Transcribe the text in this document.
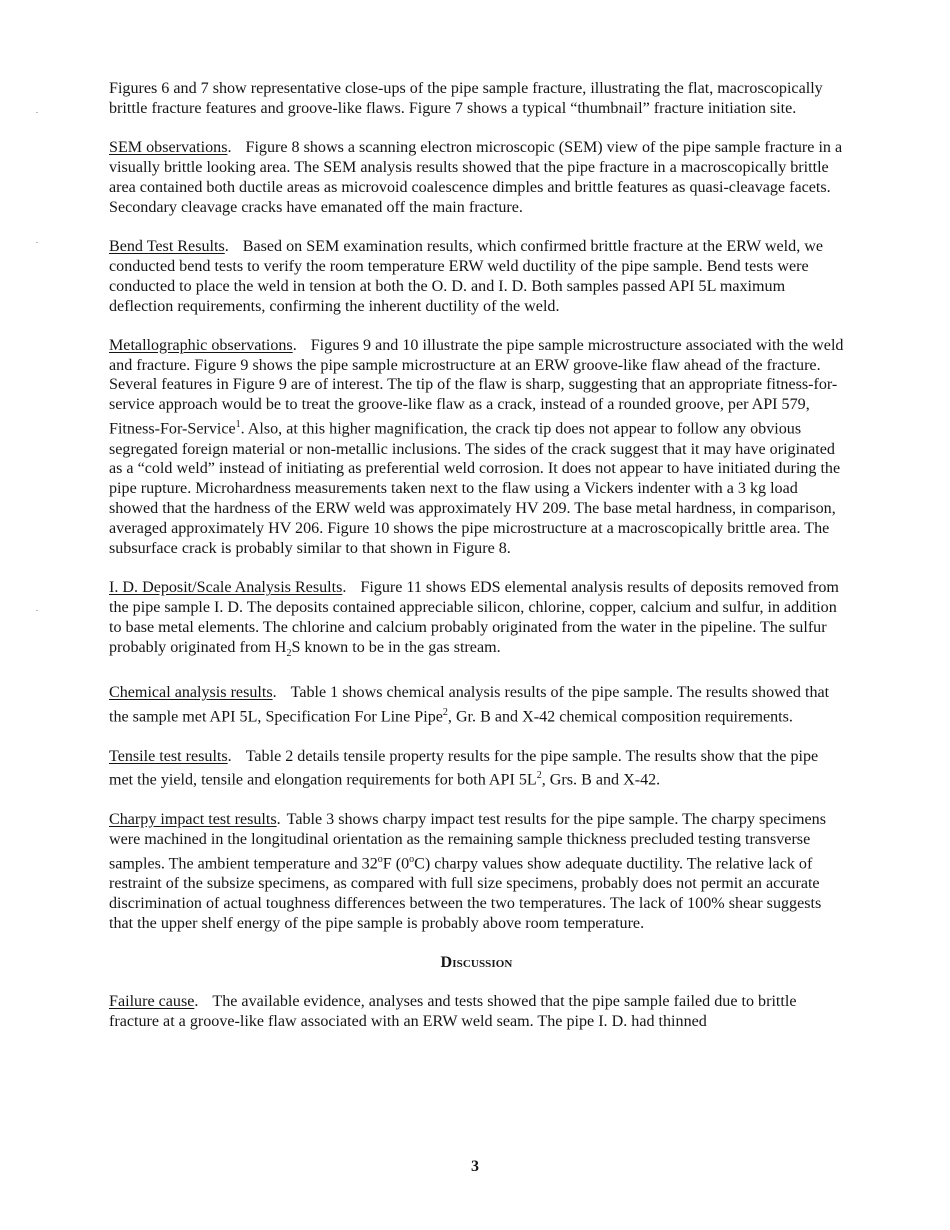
Figures 6 and 7 show representative close-ups of the pipe sample fracture, illustrating the flat, macroscopically brittle fracture features and groove-like flaws. Figure 7 shows a typical “thumbnail” fracture initiation site.

SEM observations. Figure 8 shows a scanning electron microscopic (SEM) view of the pipe sample fracture in a visually brittle looking area. The SEM analysis results showed that the pipe fracture in a macroscopically brittle area contained both ductile areas as microvoid coalescence dimples and brittle features as quasi-cleavage facets. Secondary cleavage cracks have emanated off the main fracture.

Bend Test Results. Based on SEM examination results, which confirmed brittle fracture at the ERW weld, we conducted bend tests to verify the room temperature ERW weld ductility of the pipe sample. Bend tests were conducted to place the weld in tension at both the O. D. and I. D. Both samples passed API 5L maximum deflection requirements, confirming the inherent ductility of the weld.

Metallographic observations. Figures 9 and 10 illustrate the pipe sample microstructure associated with the weld and fracture. Figure 9 shows the pipe sample microstructure at an ERW groove-like flaw ahead of the fracture. Several features in Figure 9 are of interest. The tip of the flaw is sharp, suggesting that an appropriate fitness-for-service approach would be to treat the groove-like flaw as a crack, instead of a rounded groove, per API 579, Fitness-For-Service$^1$. Also, at this higher magnification, the crack tip does not appear to follow any obvious segregated foreign material or non-metallic inclusions. The sides of the crack suggest that it may have originated as a “cold weld” instead of initiating as preferential weld corrosion. It does not appear to have initiated during the pipe rupture. Microhardness measurements taken next to the flaw using a Vickers indenter with a 3 kg load showed that the hardness of the ERW weld was approximately HV 209. The base metal hardness, in comparison, averaged approximately HV 206. Figure 10 shows the pipe microstructure at a macroscopically brittle area. The subsurface crack is probably similar to that shown in Figure 8.

I. D. Deposit/Scale Analysis Results. Figure 11 shows EDS elemental analysis results of deposits removed from the pipe sample I. D. The deposits contained appreciable silicon, chlorine, copper, calcium and sulfur, in addition to base metal elements. The chlorine and calcium probably originated from the water in the pipeline. The sulfur probably originated from $H_2S$ known to be in the gas stream.

Chemical analysis results. Table 1 shows chemical analysis results of the pipe sample. The results showed that the sample met API 5L, Specification For Line Pipe$^2$, Gr. B and X-42 chemical composition requirements.

Tensile test results. Table 2 details tensile property results for the pipe sample. The results show that the pipe met the yield, tensile and elongation requirements for both API $5L^2$, Grs. B and X-42.

Charpy impact test results. Table 3 shows charpy impact test results for the pipe sample. The charpy specimens were machined in the longitudinal orientation as the remaining sample thickness precluded testing transverse samples. The ambient temperature and 32$^o$F (0$^o$C) charpy values show adequate ductility. The relative lack of restraint of the subsize specimens, as compared with full size specimens, probably does not permit an accurate discrimination of actual toughness differences between the two temperatures. The lack of 100% shear suggests that the upper shelf energy of the pipe sample is probably above room temperature.

Discussion

Failure cause. The available evidence, analyses and tests showed that the pipe sample failed due to brittle fracture at a groove-like flaw associated with an ERW weld seam. The pipe I. D. had thinned

3
